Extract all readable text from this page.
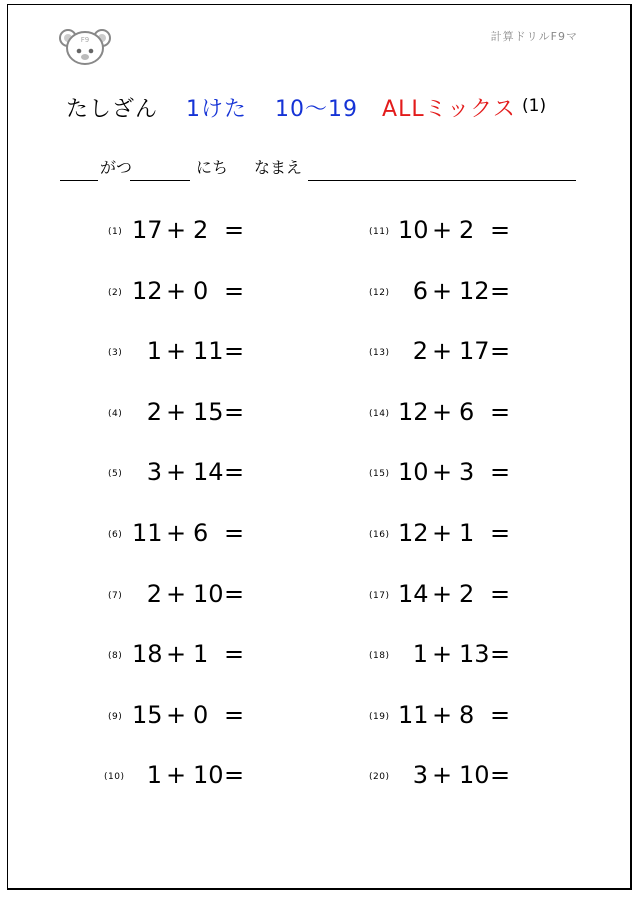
F9	計算ドリルF9マ
たしざん 1けた 10～19 ALLミックス (1)
がつ	にち なまえ
(1) 17 + 2 =
(2) 12 + 0 =
(3)	1 + 11=
(4)	2 + 15=
(5)	3 + 14=
(6) 11 + 6 =
(7)	2 + 10=
(8) 18 + 1 =
(9) 15 + 0 =
(10) 1 + 10=
(11) 10 + 2 =
(12) 6 + 12=
(13) 2 + 17=
(14) 12 + 6 =
(15) 10 + 3 =
(16) 12 + 1 =
(17) 14 + 2 =
(18) 1 + 13=
(19) 11 + 8 =
(20) 3 + 10=
